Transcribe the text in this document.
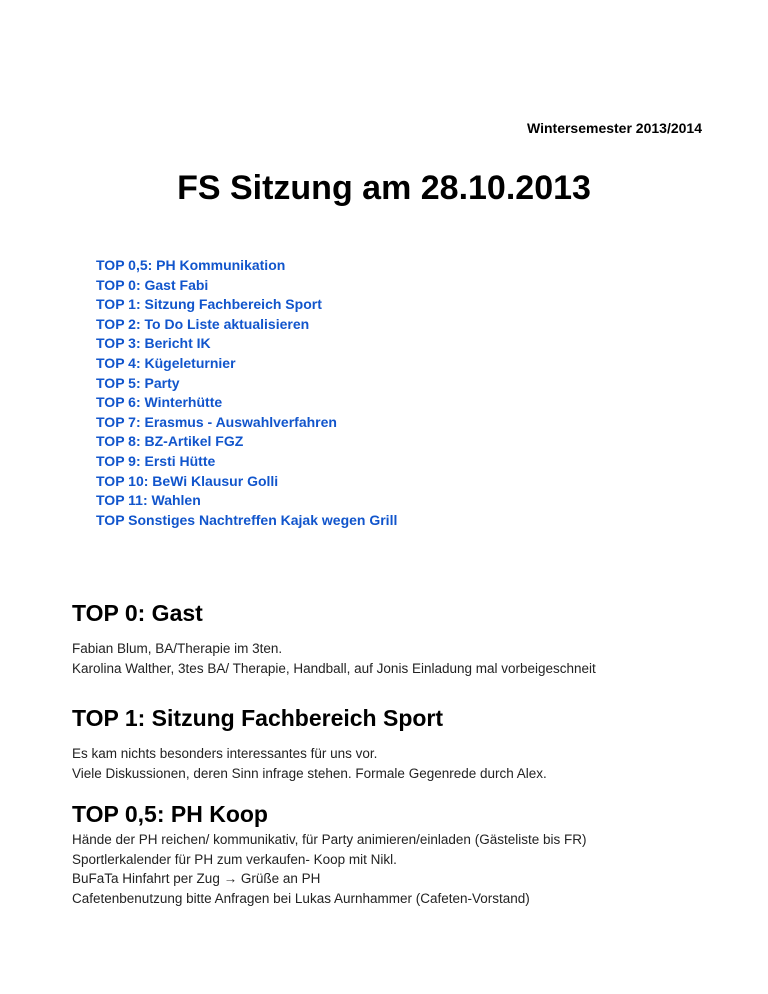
Wintersemester 2013/2014
FS Sitzung am 28.10.2013
TOP 0,5: PH Kommunikation
TOP 0: Gast Fabi
TOP 1: Sitzung Fachbereich Sport
TOP 2: To Do Liste aktualisieren
TOP 3: Bericht IK
TOP 4: Kügeleturnier
TOP 5: Party
TOP 6: Winterhütte
TOP 7: Erasmus - Auswahlverfahren
TOP 8: BZ-Artikel FGZ
TOP 9: Ersti Hütte
TOP 10: BeWi Klausur Golli
TOP 11: Wahlen
TOP Sonstiges Nachtreffen Kajak wegen Grill
TOP 0: Gast

Fabian Blum, BA/Therapie im 3ten.

Karolina Walther, 3tes BA/ Therapie, Handball, auf Jonis Einladung mal vorbeigeschneit

TOP 1: Sitzung Fachbereich Sport

Es kam nichts besonders interessantes für uns vor.

Viele Diskussionen, deren Sinn infrage stehen. Formale Gegenrede durch Alex.

TOP 0,5: PH Koop

Hände der PH reichen/ kommunikativ, für Party animieren/einladen (Gästeliste bis FR)

Sportlerkalender für PH zum verkaufen- Koop mit Nikl.

BuFaTa Hinfahrt per Zug → Grüße an PH

Cafetenbenutzung bitte Anfragen bei Lukas Aurnhammer (Cafeten-Vorstand)
